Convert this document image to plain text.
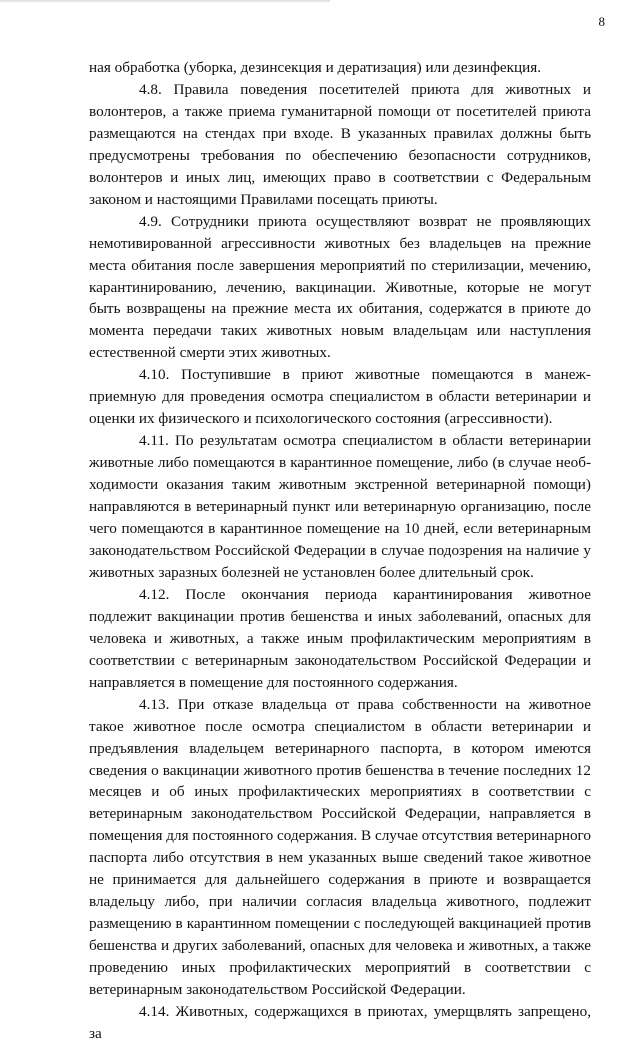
8

ная обработка (уборка, дезинсекция и дератизация) или дезинфекция.

4.8. Правила поведения посетителей приюта для животных и волонтеров, а также приема гуманитарной помощи от посетителей приюта размещаются на стендах при входе. В указанных правилах должны быть предусмотрены требования по обеспечению безопасности сотрудников, волонтеров и иных лиц, имеющих право в соответствии с Федеральным законом и настоящими Правилами посещать приюты.

4.9. Сотрудники приюта осуществляют возврат не проявляющих немотивированной агрессивности животных без владельцев на прежние места обитания после завершения мероприятий по стерилизации, мечению, карантинированию, лечению, вакцинации. Животные, которые не могут быть возвращены на прежние места их обитания, содержатся в приюте до момента передачи таких животных новым владельцам или наступления естественной смерти этих животных.

4.10. Поступившие в приют животные помещаются в манеж-приемную для проведения осмотра специалистом в области ветеринарии и оценки их физического и психологического состояния (агрессивности).

4.11. По результатам осмотра специалистом в области ветеринарии животные либо помещаются в карантинное помещение, либо (в случае необходимости оказания таким животным экстренной ветеринарной помощи) направляются в ветеринарный пункт или ветеринарную организацию, после чего помещаются в карантинное помещение на 10 дней, если ветеринарным законодательством Российской Федерации в случае подозрения на наличие у животных заразных болезней не установлен более длительный срок.

4.12. После окончания периода карантинирования животное подлежит вакцинации против бешенства и иных заболеваний, опасных для человека и животных, а также иным профилактическим мероприятиям в соответствии с ветеринарным законодательством Российской Федерации и направляется в помещение для постоянного содержания.

4.13. При отказе владельца от права собственности на животное такое животное после осмотра специалистом в области ветеринарии и предъявления владельцем ветеринарного паспорта, в котором имеются сведения о вакцинации животного против бешенства в течение последних 12 месяцев и об иных профилактических мероприятиях в соответствии с ветеринарным законодательством Российской Федерации, направляется в помещения для постоянного содержания. В случае отсутствия ветеринарного паспорта либо отсутствия в нем указанных выше сведений такое животное не принимается для дальнейшего содержания в приюте и возвращается владельцу либо, при наличии согласия владельца животного, подлежит размещению в карантинном помещении с последующей вакцинацией против бешенства и других заболеваний, опасных для человека и животных, а также проведению иных профилактических мероприятий в соответствии с ветеринарным законодательством Российской Федерации.

4.14. Животных, содержащихся в приютах, умерщвлять запрещено, за
